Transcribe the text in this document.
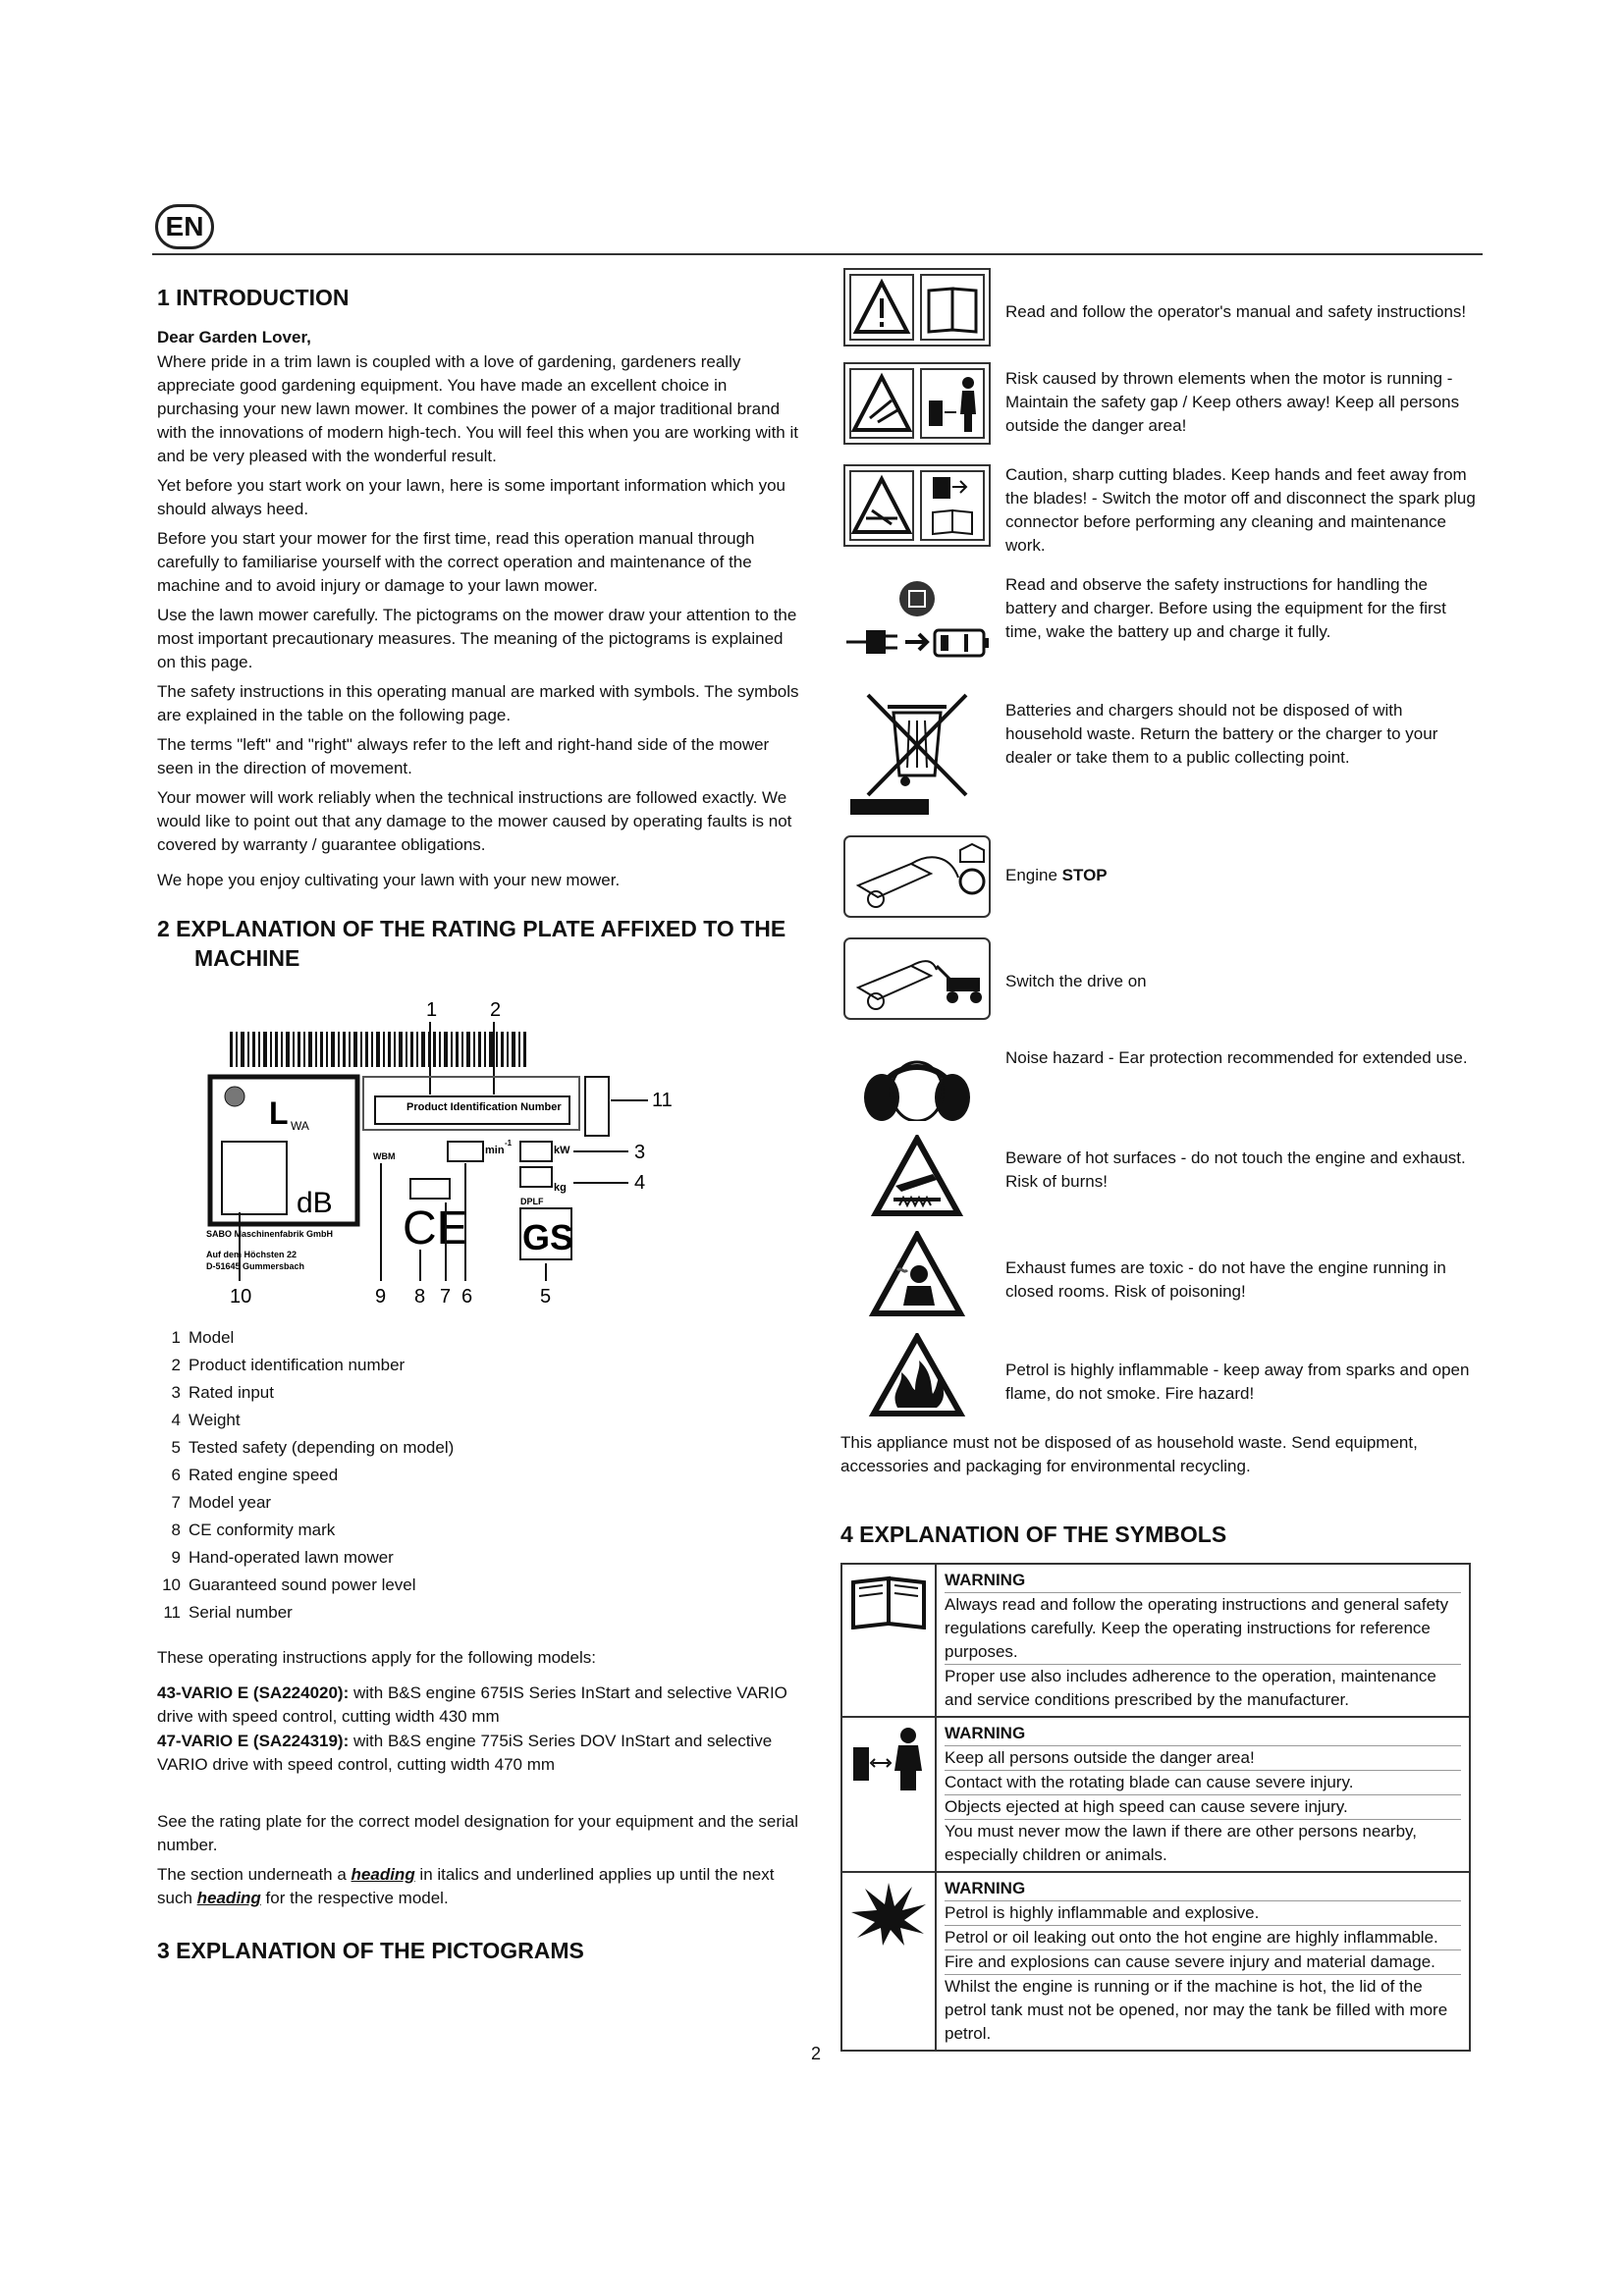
EN
1 INTRODUCTION
Dear Garden Lover,

Where pride in a trim lawn is coupled with a love of gardening, gardeners really appreciate good gardening equipment. You have made an excellent choice in purchasing your new lawn mower. It combines the power of a major traditional brand with the innovations of modern high-tech. You will feel this when you are working with it and be very pleased with the wonderful result.

Yet before you start work on your lawn, here is some important information which you should always heed.

Before you start your mower for the first time, read this operation manual through carefully to familiarise yourself with the correct operation and maintenance of the machine and to avoid injury or damage to your lawn mower.

Use the lawn mower carefully. The pictograms on the mower draw your attention to the most important precautionary measures. The meaning of the pictograms is explained on this page.

The safety instructions in this operating manual are marked with symbols. The symbols are explained in the table on the following page.

The terms "left" and "right" always refer to the left and right-hand side of the mower seen in the direction of movement.

Your mower will work reliably when the technical instructions are followed exactly. We would like to point out that any damage to the mower caused by operating faults is not covered by warranty / guarantee obligations.

We hope you enjoy cultivating your lawn with your new mower.

2 EXPLANATION OF THE RATING PLATE AFFIXED TO THE MACHINE
1	2
L WA
dB
SABO Maschinenfabrik GmbH
Auf dem Höchsten 22
D-51645 Gummersbach
Product Identification Number	11
WBM	min
-1
kW	3
kg	4
CE
DPLF
GS
10	9 8 7 6	5
1 Model
2 Product identification number
3 Rated input
4 Weight
5 Tested safety (depending on model)
6 Rated engine speed
7 Model year
8 CE conformity mark
9 Hand-operated lawn mower
10 Guaranteed sound power level
11 Serial number

These operating instructions apply for the following models:

43-VARIO E (SA224020): with B&S engine 675IS Series InStart and selective VARIO drive with speed control, cutting width 430 mm

47-VARIO E (SA224319): with B&S engine 775iS Series DOV InStart and selective VARIO drive with speed control, cutting width 470 mm

See the rating plate for the correct model designation for your equipment and the serial number.

The section underneath a heading in italics and underlined applies up until the next such heading for the respective model.

3 EXPLANATION OF THE PICTOGRAMS
Read and follow the operator's manual and safety instructions!
Risk caused by thrown elements when the motor is running - Maintain the safety gap / Keep others away! Keep all persons outside the danger area!
Caution, sharp cutting blades. Keep hands and feet away from the blades! - Switch the motor off and disconnect the spark plug connector before performing any cleaning and maintenance work.
Read and observe the safety instructions for handling the battery and charger. Before using the equipment for the first time, wake the battery up and charge it fully.
Batteries and chargers should not be disposed of with household waste. Return the battery or the charger to your dealer or take them to a public collecting point.
Engine STOP
Switch the drive on
Noise hazard - Ear protection recommended for extended use.
Beware of hot surfaces - do not touch the engine and exhaust. Risk of burns!
Exhaust fumes are toxic - do not have the engine running in closed rooms. Risk of poisoning!
Petrol is highly inflammable - keep away from sparks and open flame, do not smoke. Fire hazard!

This appliance must not be disposed of as household waste. Send equipment, accessories and packaging for environmental recycling.

4 EXPLANATION OF THE SYMBOLS

WARNING
Always read and follow the operating instructions and general safety regulations carefully. Keep the operating instructions for reference purposes.
Proper use also includes adherence to the operation, maintenance and service conditions prescribed by the manufacturer.

WARNING
Keep all persons outside the danger area!
Contact with the rotating blade can cause severe injury.
Objects ejected at high speed can cause severe injury.
You must never mow the lawn if there are other persons nearby, especially children or animals.

WARNING
Petrol is highly inflammable and explosive.
Petrol or oil leaking out onto the hot engine are highly inflammable.
Fire and explosions can cause severe injury and material damage.
Whilst the engine is running or if the machine is hot, the lid of the petrol tank must not be opened, nor may the tank be filled with more petrol.
2
